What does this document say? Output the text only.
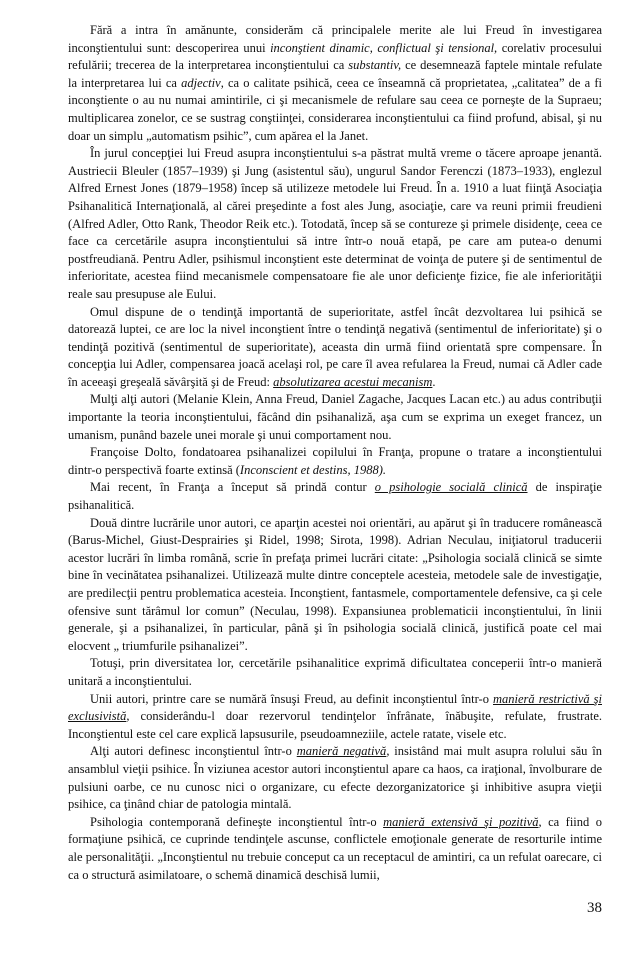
Fără a intra în amănunte, considerăm că principalele merite ale lui Freud în investigarea inconştientului sunt: descoperirea unui inconştient dinamic, conflictual şi tensional, corelativ procesului refulării; trecerea de la interpretarea inconştientului ca substantiv, ce desemnează faptele mintale refulate la interpretarea lui ca adjectiv, ca o calitate psihică, ceea ce înseamnă că proprietatea, „calitatea” de a fi inconştiente o au nu numai amintirile, ci şi mecanismele de refulare sau ceea ce porneşte de la Supraeu; multiplicarea zonelor, ce se sustrag conştiinţei, considerarea inconştientului ca fiind profund, abisal, şi nu doar un simplu „automatism psihic”, cum apărea el la Janet.

În jurul concepţiei lui Freud asupra inconştientului s-a păstrat multă vreme o tăcere aproape jenantă. Austriecii Bleuler (1857–1939) şi Jung (asistentul său), ungurul Sandor Ferenczi (1873–1933), englezul Alfred Ernest Jones (1879–1958) încep să utilizeze metodele lui Freud. În a. 1910 a luat fiinţă Asociaţia Psihanalitică Internaţională, al cărei preşedinte a fost ales Jung, asociaţie, care va reuni primii freudieni (Alfred Adler, Otto Rank, Theodor Reik etc.). Totodată, încep să se contureze şi primele disidenţe, ceea ce face ca cercetările asupra inconştientului să intre într-o nouă etapă, pe care am putea-o denumi postfreudiană. Pentru Adler, psihismul inconştient este determinat de voinţa de putere şi de sentimentul de inferioritate, acestea fiind mecanismele compensatoare fie ale unor deficienţe fizice, fie ale inferiorităţii reale sau presupuse ale Eului.

Omul dispune de o tendinţă importantă de superioritate, astfel încât dezvoltarea lui psihică se datorează luptei, ce are loc la nivel inconştient între o tendinţă negativă (sentimentul de inferioritate) şi o tendinţă pozitivă (sentimentul de superioritate), aceasta din urmă fiind orientată spre compensare. În concepţia lui Adler, compensarea joacă acelaşi rol, pe care îl avea refularea la Freud, numai că Adler cade în aceeaşi greşeală săvârşită şi de Freud: absolutizarea acestui mecanism.

Mulţi alţi autori (Melanie Klein, Anna Freud, Daniel Zagache, Jacques Lacan etc.) au adus contribuţii importante la teoria inconştientului, făcând din psihanaliză, aşa cum se exprima un exeget francez, un umanism, punând bazele unei morale şi unui comportament nou.

Françoise Dolto, fondatoarea psihanalizei copilului în Franţa, propune o tratare a inconştientului dintr-o perspectivă foarte extinsă (Inconscient et destins, 1988).

Mai recent, în Franţa a început să prindă contur o psihologie socială clinică de inspiraţie psihanalitică.

Două dintre lucrările unor autori, ce aparţin acestei noi orientări, au apărut şi în traducere românească (Barus-Michel, Giust-Desprairies şi Ridel, 1998; Sirota, 1998). Adrian Neculau, iniţiatorul traducerii acestor lucrări în limba română, scrie în prefaţa primei lucrări citate: „Psihologia socială clinică se simte bine în vecinătatea psihanalizei. Utilizează multe dintre conceptele acesteia, metodele sale de investigaţie, are predilecţii pentru problematica acesteia. Inconştient, fantasmele, comportamentele defensive, ca şi cele ofensive sunt tărâmul lor comun” (Neculau, 1998). Expansiunea problematicii inconştientului, în linii generale, şi a psihanalizei, în particular, până şi în psihologia socială clinică, justifică poate cel mai elocvent „ triumfurile psihanalizei”.

Totuşi, prin diversitatea lor, cercetările psihanalitice exprimă dificultatea conceperii într-o manieră unitară a inconştientului.

Unii autori, printre care se numără însuşi Freud, au definit inconştientul într-o manieră restrictivă şi exclusivistă, considerându-l doar rezervorul tendinţelor înfrânate, înăbuşite, refulate, frustrate. Inconştientul este cel care explică lapsusurile, pseudoamneziile, actele ratate, visele etc.

Alţi autori definesc inconştientul într-o manieră negativă, insistând mai mult asupra rolului său în ansamblul vieţii psihice. În viziunea acestor autori inconştientul apare ca haos, ca iraţional, învolburare de pulsiuni oarbe, ce nu cunosc nici o organizare, cu efecte dezorganizatorice şi inhibitive asupra vieţii psihice, ca ţinând chiar de patologia mintală.

Psihologia contemporană defineşte inconştientul într-o manieră extensivă şi pozitivă, ca fiind o formaţiune psihică, ce cuprinde tendinţele ascunse, conflictele emoţionale generate de resorturile intime ale personalităţii. „Inconştientul nu trebuie conceput ca un receptacul de amintiri, ca un refulat oarecare, ci ca o structură asimilatoare, o schemă dinamică deschisă lumii,

38
